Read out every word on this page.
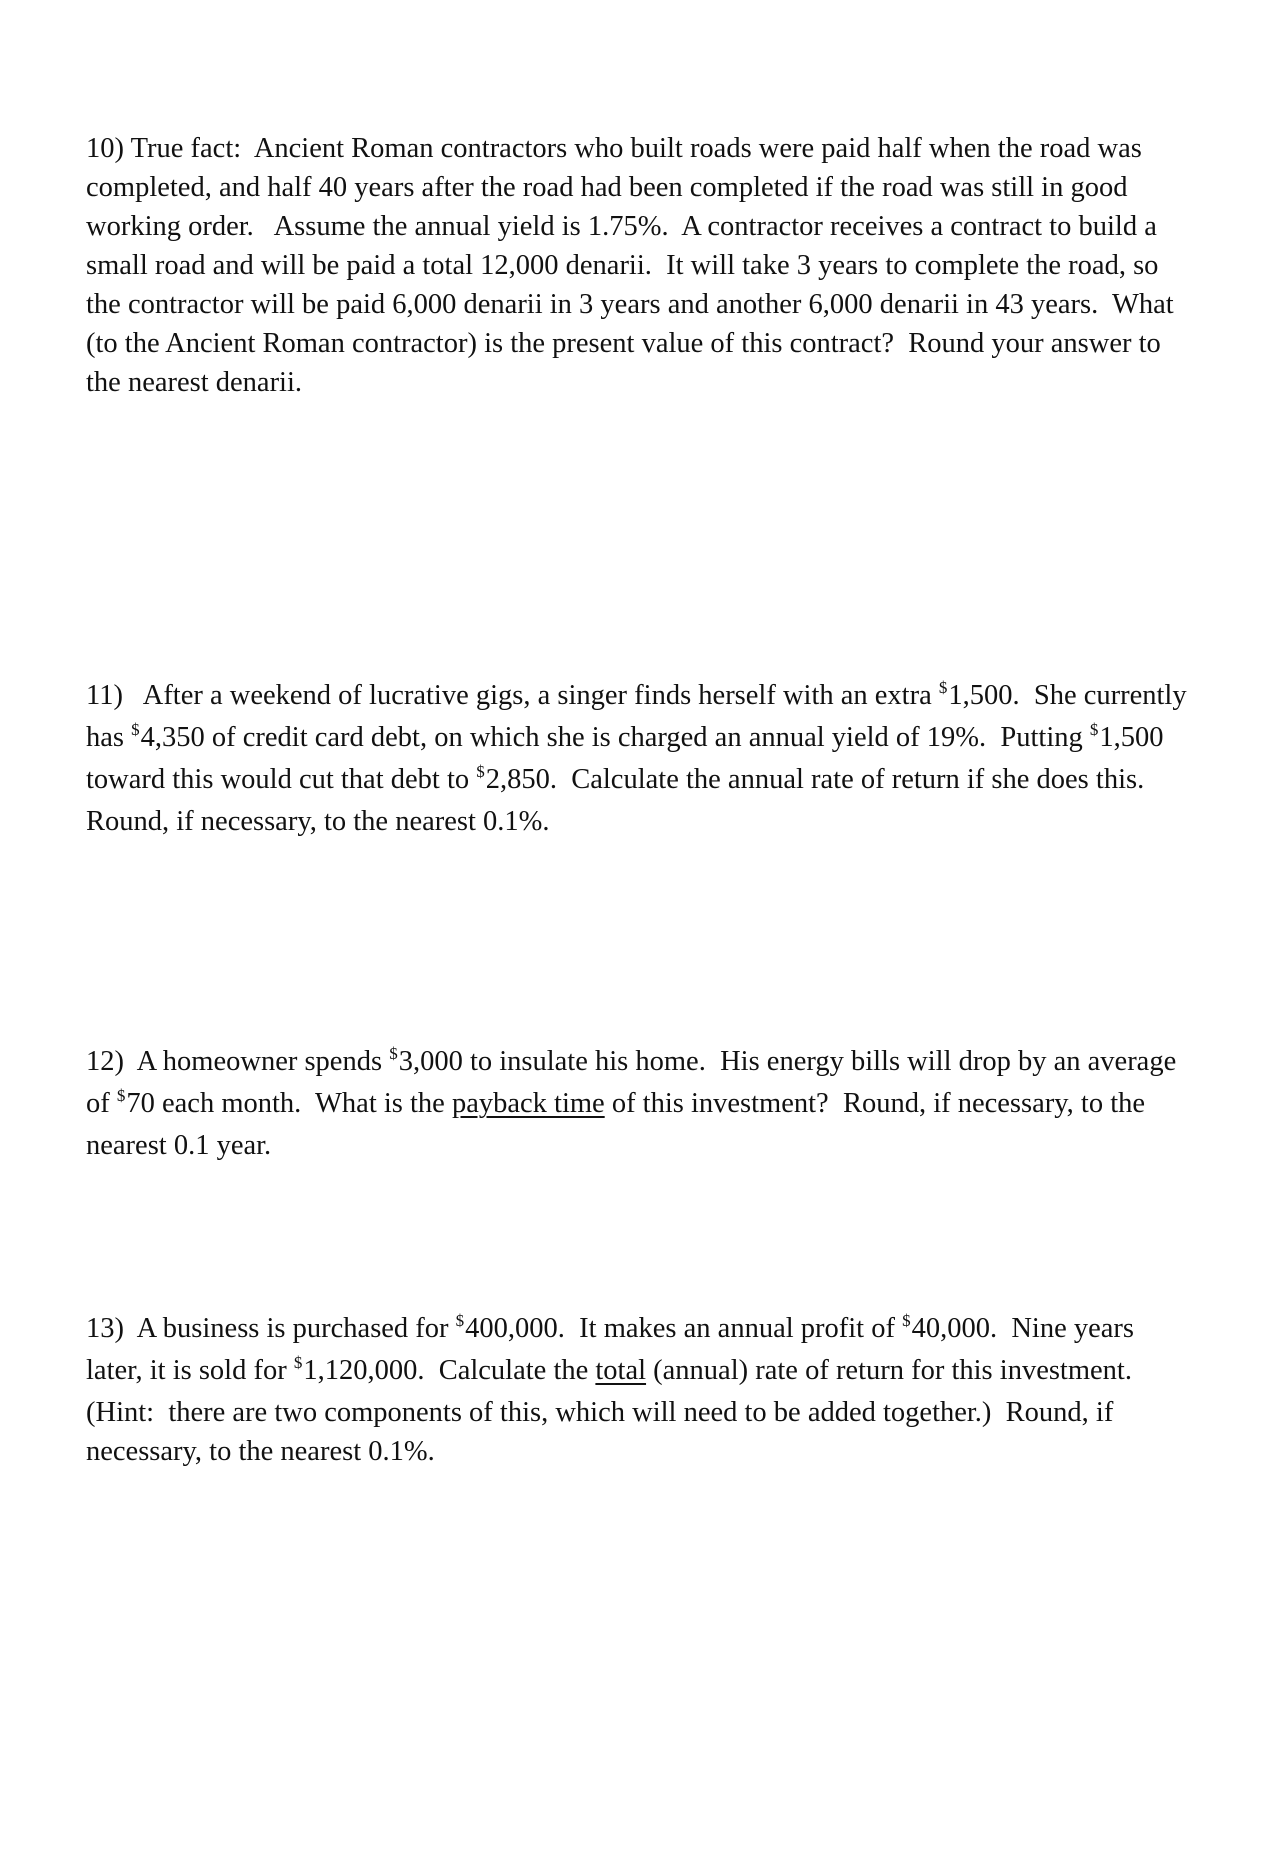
10) True fact:  Ancient Roman contractors who built roads were paid half when the road was
completed, and half 40 years after the road had been completed if the road was still in good
working order.   Assume the annual yield is 1.75%.  A contractor receives a contract to build a
small road and will be paid a total 12,000 denarii.  It will take 3 years to complete the road, so
the contractor will be paid 6,000 denarii in 3 years and another 6,000 denarii in 43 years.  What
(to the Ancient Roman contractor) is the present value of this contract?  Round your answer to
the nearest denarii.

11)   After a weekend of lucrative gigs, a singer finds herself with an extra $1,500.  She currently
has $4,350 of credit card debt, on which she is charged an annual yield of 19%.  Putting $1,500
toward this would cut that debt to $2,850.  Calculate the annual rate of return if she does this.
Round, if necessary, to the nearest 0.1%.

12)  A homeowner spends $3,000 to insulate his home.  His energy bills will drop by an average
of $70 each month.  What is the payback time of this investment?  Round, if necessary, to the
nearest 0.1 year.

13)  A business is purchased for $400,000.  It makes an annual profit of $40,000.  Nine years
later, it is sold for $1,120,000.  Calculate the total (annual) rate of return for this investment.
(Hint:  there are two components of this, which will need to be added together.)  Round, if
necessary, to the nearest 0.1%.
